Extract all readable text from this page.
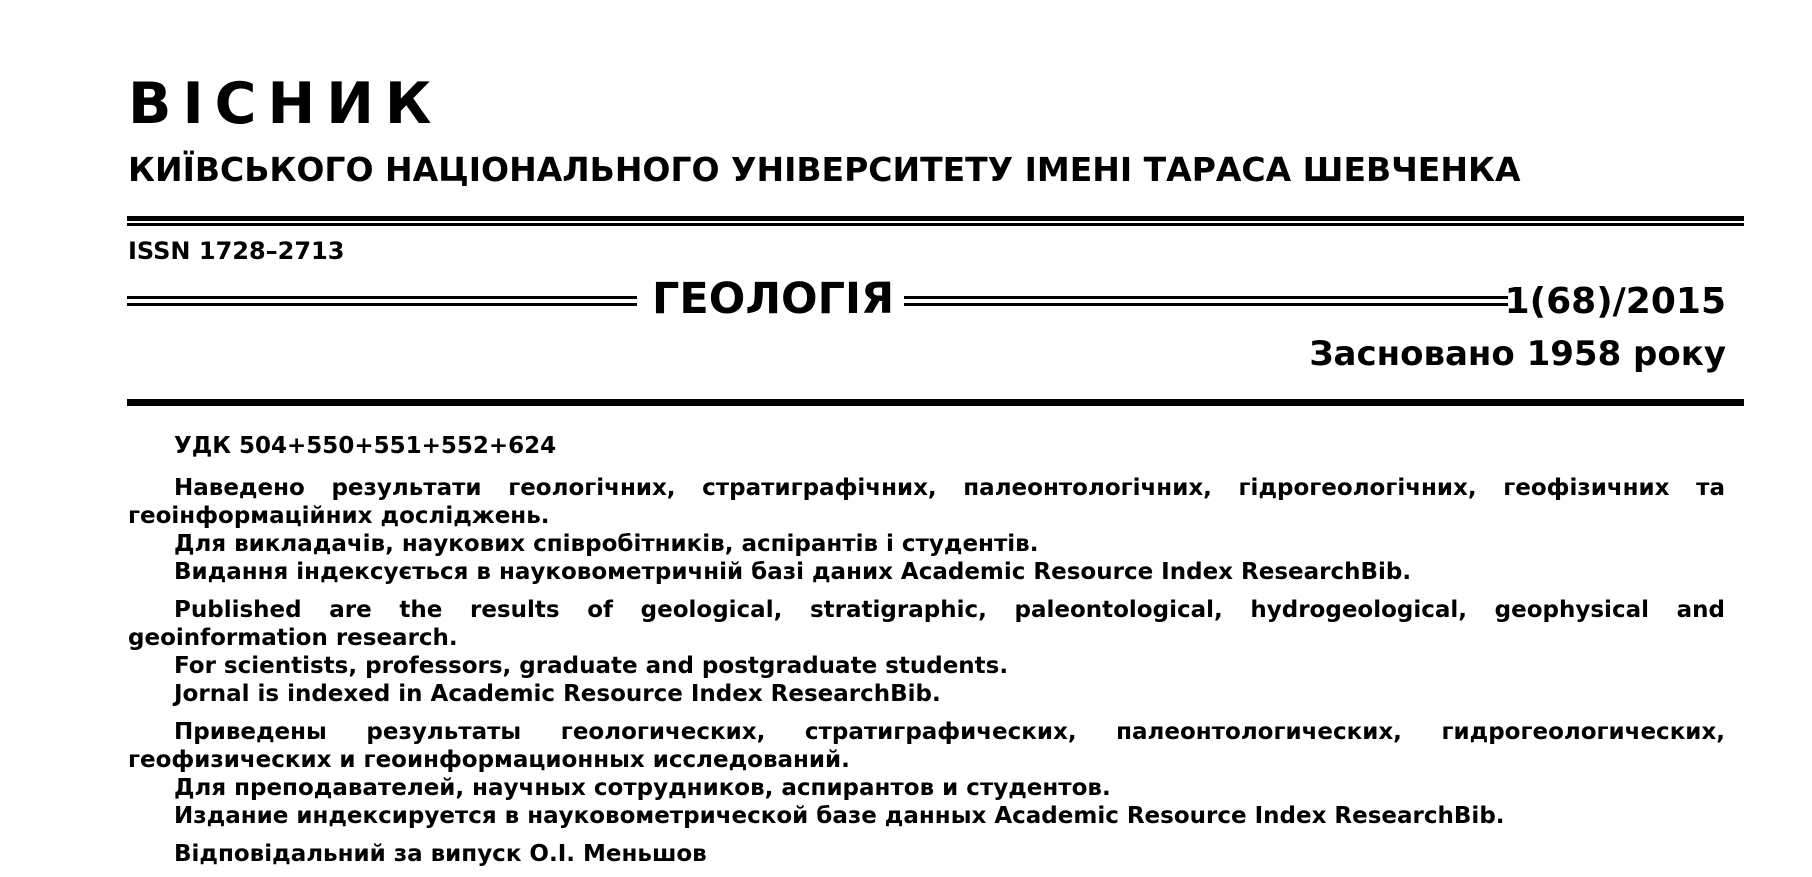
ВІСНИК
КИЇВСЬКОГО НАЦІОНАЛЬНОГО УНІВЕРСИТЕТУ ІМЕНІ ТАРАСА ШЕВЧЕНКА
ISSN 1728–2713
ГЕОЛОГІЯ	1(68)/2015
Засновано 1958 року

УДК 504+550+551+552+624

Наведено результати геологічних, стратиграфічних, палеонтологічних, гідрогеологічних, геофізичних та геоінформаційних досліджень.

Для викладачів, наукових співробітників, аспірантів і студентів.

Видання індексується в науковометричній базі даних Academic Resource Index ResearchBib.

Published are the results of geological, stratigraphic, paleontological, hydrogeological, geophysical and geoinformation research.

For scientists, professors, graduate and postgraduate students.

Jornal is indexed in Academic Resource Index ResearchBib.

Приведены результаты геологических, стратиграфических, палеонтологических, гидрогеологических, геофизических и геоинформационных исследований.

Для преподавателей, научных сотрудников, аспирантов и студентов.

Издание индексируется в науковометрической базе данных Academic Resource Index ResearchBib.

Відповідальний за випуск О.І. Меньшов
